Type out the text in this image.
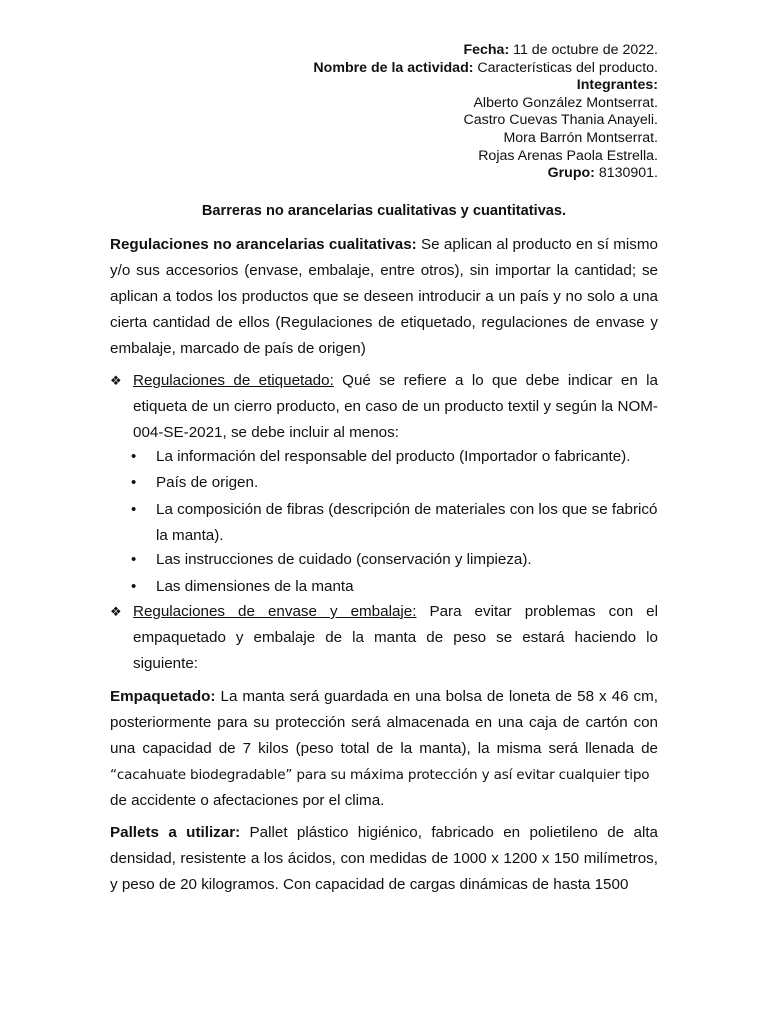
Fecha: 11 de octubre de 2022.
Nombre de la actividad: Características del producto.
Integrantes:
Alberto González Montserrat.
Castro Cuevas Thania Anayeli.
Mora Barrón Montserrat.
Rojas Arenas Paola Estrella.
Grupo: 8130901.
Barreras no arancelarias cualitativas y cuantitativas.
Regulaciones no arancelarias cualitativas: Se aplican al producto en sí mismo y/o sus accesorios (envase, embalaje, entre otros), sin importar la cantidad; se aplican a todos los productos que se deseen introducir a un país y no solo a una cierta cantidad de ellos (Regulaciones de etiquetado, regulaciones de envase y embalaje, marcado de país de origen)
❖ Regulaciones de etiquetado: Qué se refiere a lo que debe indicar en la etiqueta de un cierro producto, en caso de un producto textil y según la NOM-004-SE-2021, se debe incluir al menos:
• La información del responsable del producto (Importador o fabricante).
• País de origen.
• La composición de fibras (descripción de materiales con los que se fabricó la manta).
• Las instrucciones de cuidado (conservación y limpieza).
• Las dimensiones de la manta
❖ Regulaciones de envase y embalaje: Para evitar problemas con el empaquetado y embalaje de la manta de peso se estará haciendo lo siguiente:
Empaquetado: La manta será guardada en una bolsa de loneta de 58 x 46 cm, posteriormente para su protección será almacenada en una caja de cartón con una capacidad de 7 kilos (peso total de la manta), la misma será llenada de “cacahuate biodegradable” para su máxima protección y así evitar cualquier tipo
de accidente o afectaciones por el clima.
Pallets a utilizar: Pallet plástico higiénico, fabricado en polietileno de alta densidad, resistente a los ácidos, con medidas de 1000 x 1200 x 150 milímetros, y peso de 20 kilogramos. Con capacidad de cargas dinámicas de hasta 1500
